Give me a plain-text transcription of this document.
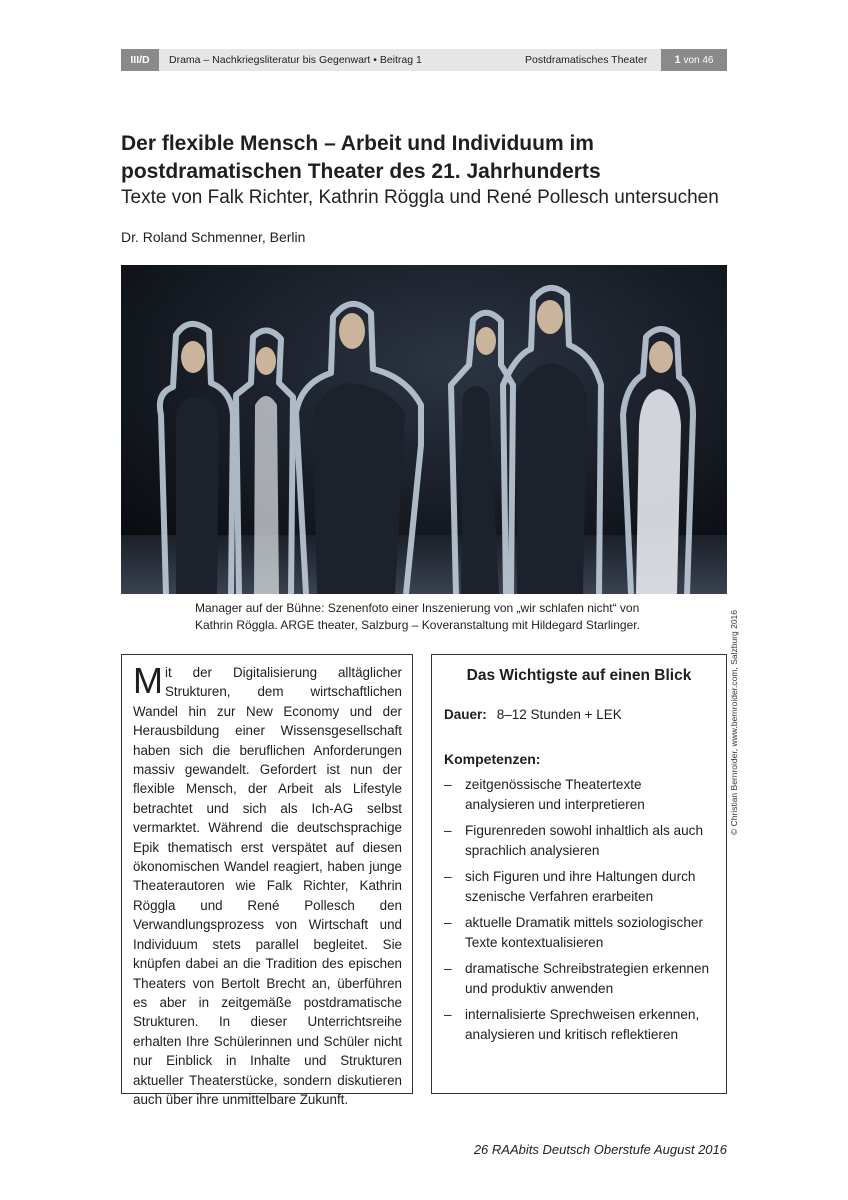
III/D	Drama – Nachkriegsliteratur bis Gegenwart • Beitrag 1	Postdramatisches Theater	1 von 46
Der flexible Mensch – Arbeit und Individuum im postdramatischen Theater des 21. Jahrhunderts
Texte von Falk Richter, Kathrin Röggla und René Pollesch untersuchen
Dr. Roland Schmenner, Berlin
© Christian Bernroider, www.bernroider.com, Salzburg 2016
Manager auf der Bühne: Szenenfoto einer Inszenierung von „wir schlafen nicht“ von
Kathrin Röggla. ARGE theater, Salzburg – Koveranstaltung mit Hildegard Starlinger.
Mit der Digitalisierung alltäglicher Strukturen, dem wirtschaftlichen Wandel hin zur New Economy und der Herausbildung einer Wissensgesellschaft haben sich die beruflichen Anforderungen massiv gewandelt. Gefordert ist nun der flexible Mensch, der Arbeit als Lifestyle betrachtet und sich als Ich-AG selbst vermarktet. Während die deutschsprachige Epik thematisch erst verspätet auf diesen ökonomischen Wandel reagiert, haben junge Theaterautoren wie Falk Richter, Kathrin Röggla und René Pollesch den Verwandlungsprozess von Wirtschaft und Individuum stets parallel begleitet. Sie knüpfen dabei an die Tradition des epischen Theaters von Bertolt Brecht an, überführen es aber in zeitgemäße postdramatische Strukturen. In dieser Unterrichtsreihe erhalten Ihre Schülerinnen und Schüler nicht nur Einblick in Inhalte und Strukturen aktueller Theaterstücke, sondern diskutieren auch über ihre unmittelbare Zukunft.
Das Wichtigste auf einen Blick
Dauer: 8–12 Stunden + LEK
Kompetenzen:
– zeitgenössische Theatertexte analysieren und interpretieren
– Figurenreden sowohl inhaltlich als auch sprachlich analysieren
– sich Figuren und ihre Haltungen durch szenische Verfahren erarbeiten
– aktuelle Dramatik mittels soziologischer Texte kontextualisieren
– dramatische Schreibstrategien erkennen und produktiv anwenden
– internalisierte Sprechweisen erkennen, analysieren und kritisch reflektieren
26 RAAbits Deutsch Oberstufe August 2016
